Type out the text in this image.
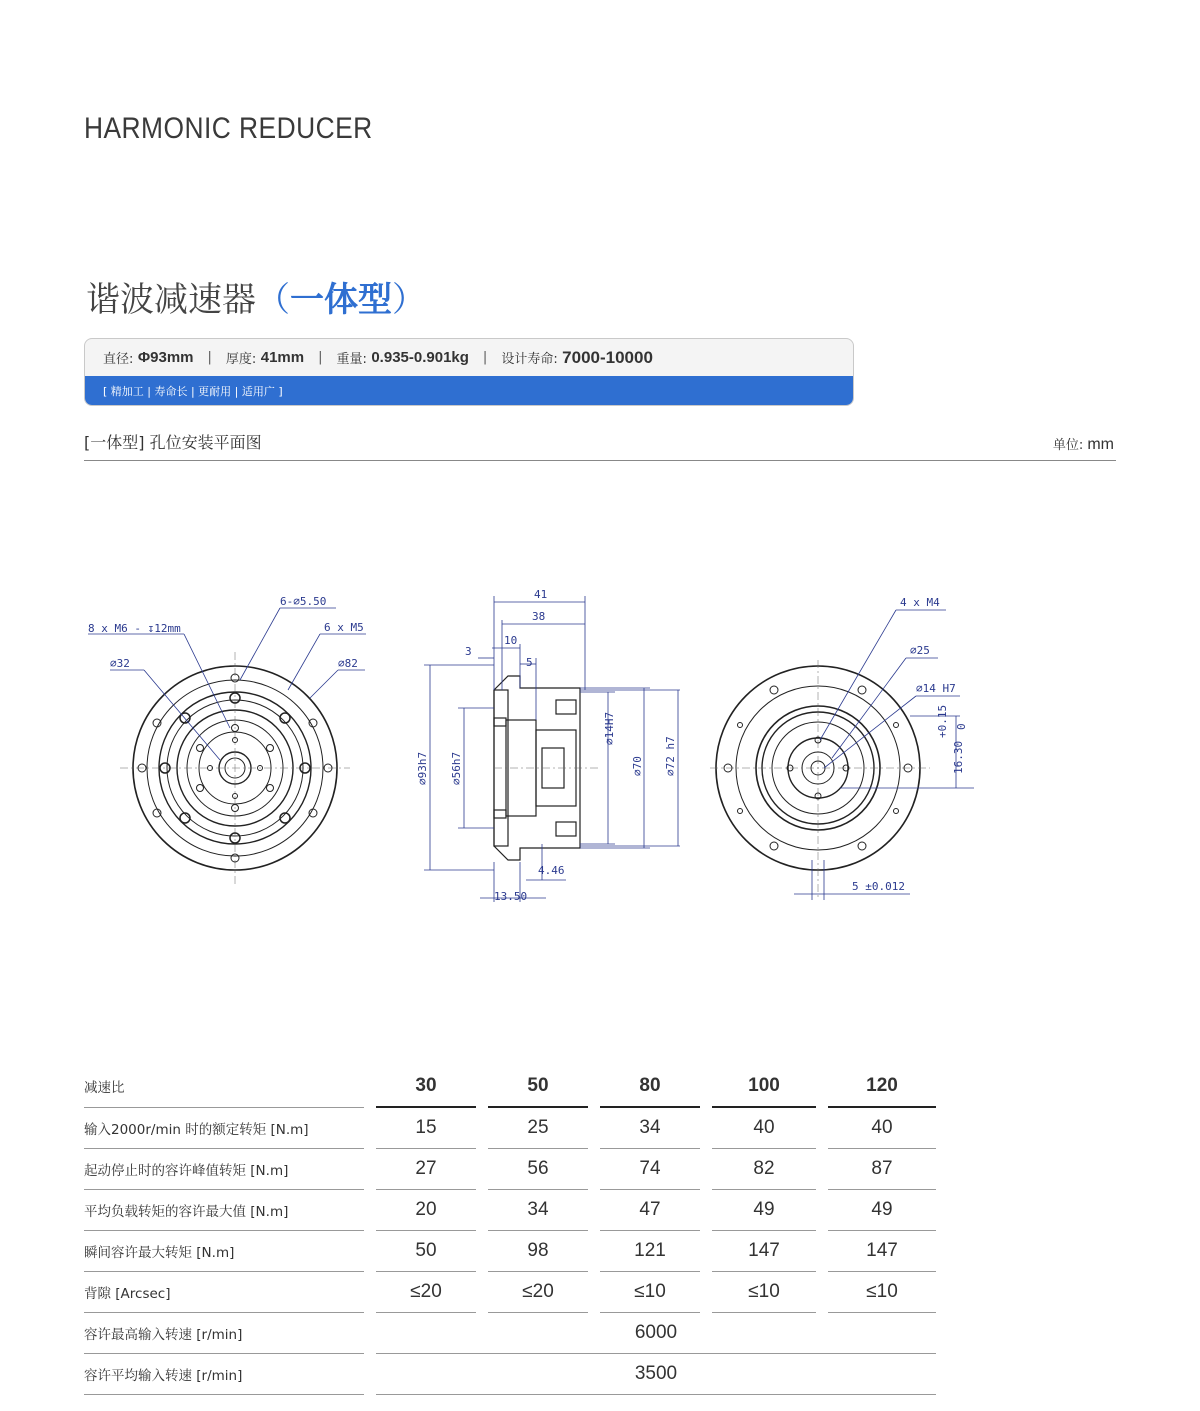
HARMONIC REDUCER
谐波减速器（一体型）
直径:
Φ93mm | 厚度:
41mm | 重量:
0.935-0.901kg | 设计寿命:
7000-10000
[ 精加工 | 寿命长 | 更耐用 | 适用广 ]
[一体型] 孔位安装平面图	单位: mm
8 x M6 - ↧12mm
6-∅5.50
6 x M5
∅32	∅82
41
38
10
3
5
∅93h7 ∅56h7
∅14H7
∅70 ∅72 h7
4.46
13.50
4 x M4
∅25
∅14 H7
+0.15 0
16.30
5 ±0.012
减速比		30		50		80		100		120
输入2000r/min 时的额定转矩 [N.m]		15		25		34		40		40
起动停止时的容许峰值转矩 [N.m]		27		56		74		82		87
平均负载转矩的容许最大值 [N.m]		20		34		47		49		49
瞬间容许最大转矩 [N.m]		50		98		121		147		147
背隙 [Arcsec]		≤20		≤20		≤10		≤10		≤10
容许最高输入转速 [r/min]		6000								
容许平均输入转速 [r/min]		3500								
